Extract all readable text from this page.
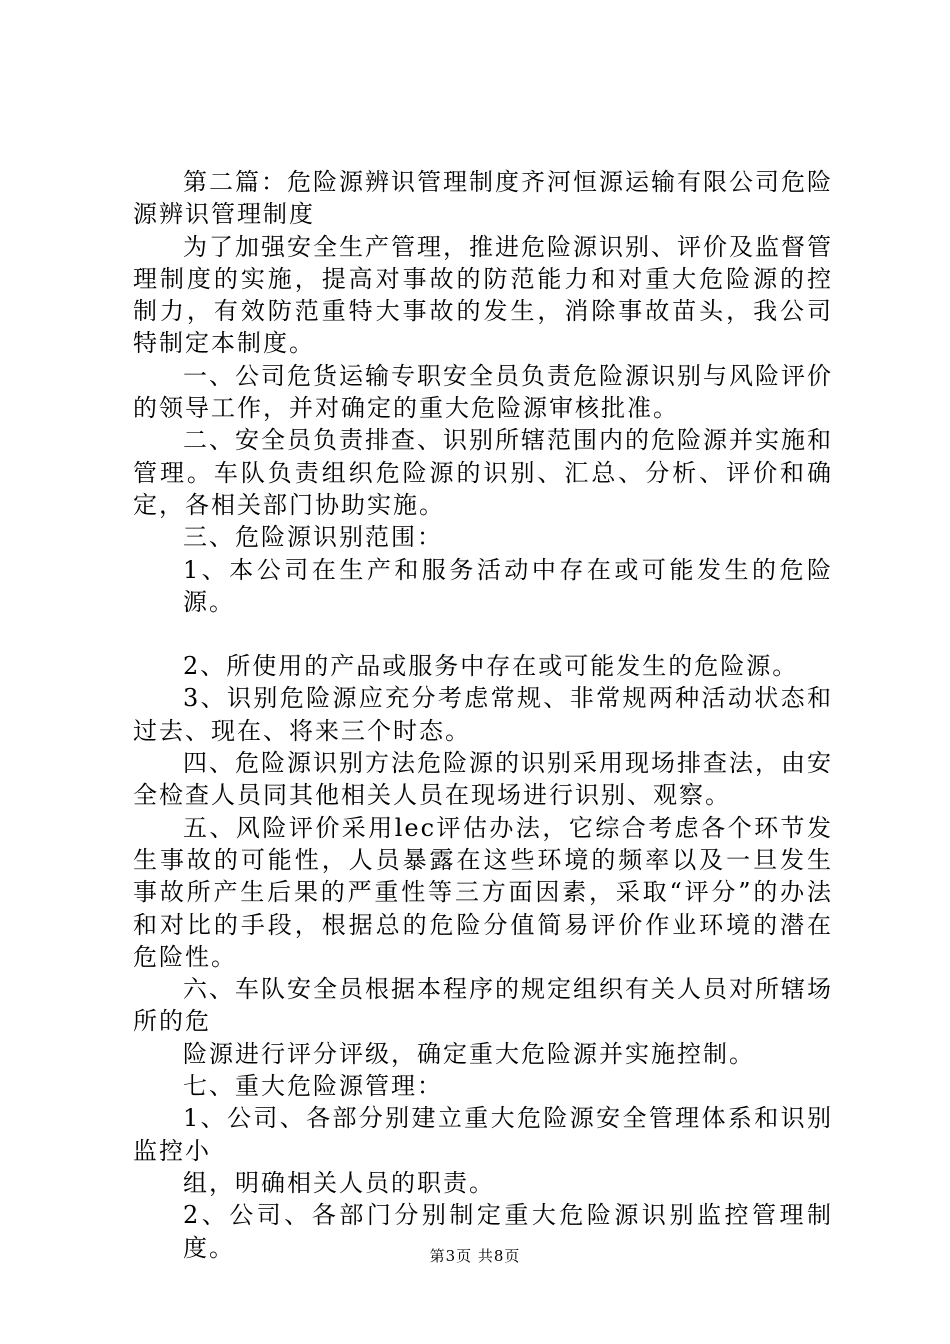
第二篇：危险源辨识管理制度齐河恒源运输有限公司危险源辨识管理制度

为了加强安全生产管理，推进危险源识别、评价及监督管理制度的实施，提高对事故的防范能力和对重大危险源的控制力，有效防范重特大事故的发生，消除事故苗头，我公司特制定本制度。

一、公司危货运输专职安全员负责危险源识别与风险评价的领导工作，并对确定的重大危险源审核批准。

二、安全员负责排查、识别所辖范围内的危险源并实施和管理。车队负责组织危险源的识别、汇总、分析、评价和确定，各相关部门协助实施。

三、危险源识别范围：

1、本公司在生产和服务活动中存在或可能发生的危险源。

2、所使用的产品或服务中存在或可能发生的危险源。

3、识别危险源应充分考虑常规、非常规两种活动状态和过去、现在、将来三个时态。

四、危险源识别方法危险源的识别采用现场排查法，由安全检查人员同其他相关人员在现场进行识别、观察。

五、风险评价采用lec评估办法，它综合考虑各个环节发生事故的可能性，人员暴露在这些环境的频率以及一旦发生事故所产生后果的严重性等三方面因素，采取“评分”的办法和对比的手段，根据总的危险分值简易评价作业环境的潜在危险性。

六、车队安全员根据本程序的规定组织有关人员对所辖场所的危

险源进行评分评级，确定重大危险源并实施控制。

七、重大危险源管理：

1、公司、各部分别建立重大危险源安全管理体系和识别监控小

组，明确相关人员的职责。

2、公司、各部门分别制定重大危险源识别监控管理制度。	第3页 共8页
